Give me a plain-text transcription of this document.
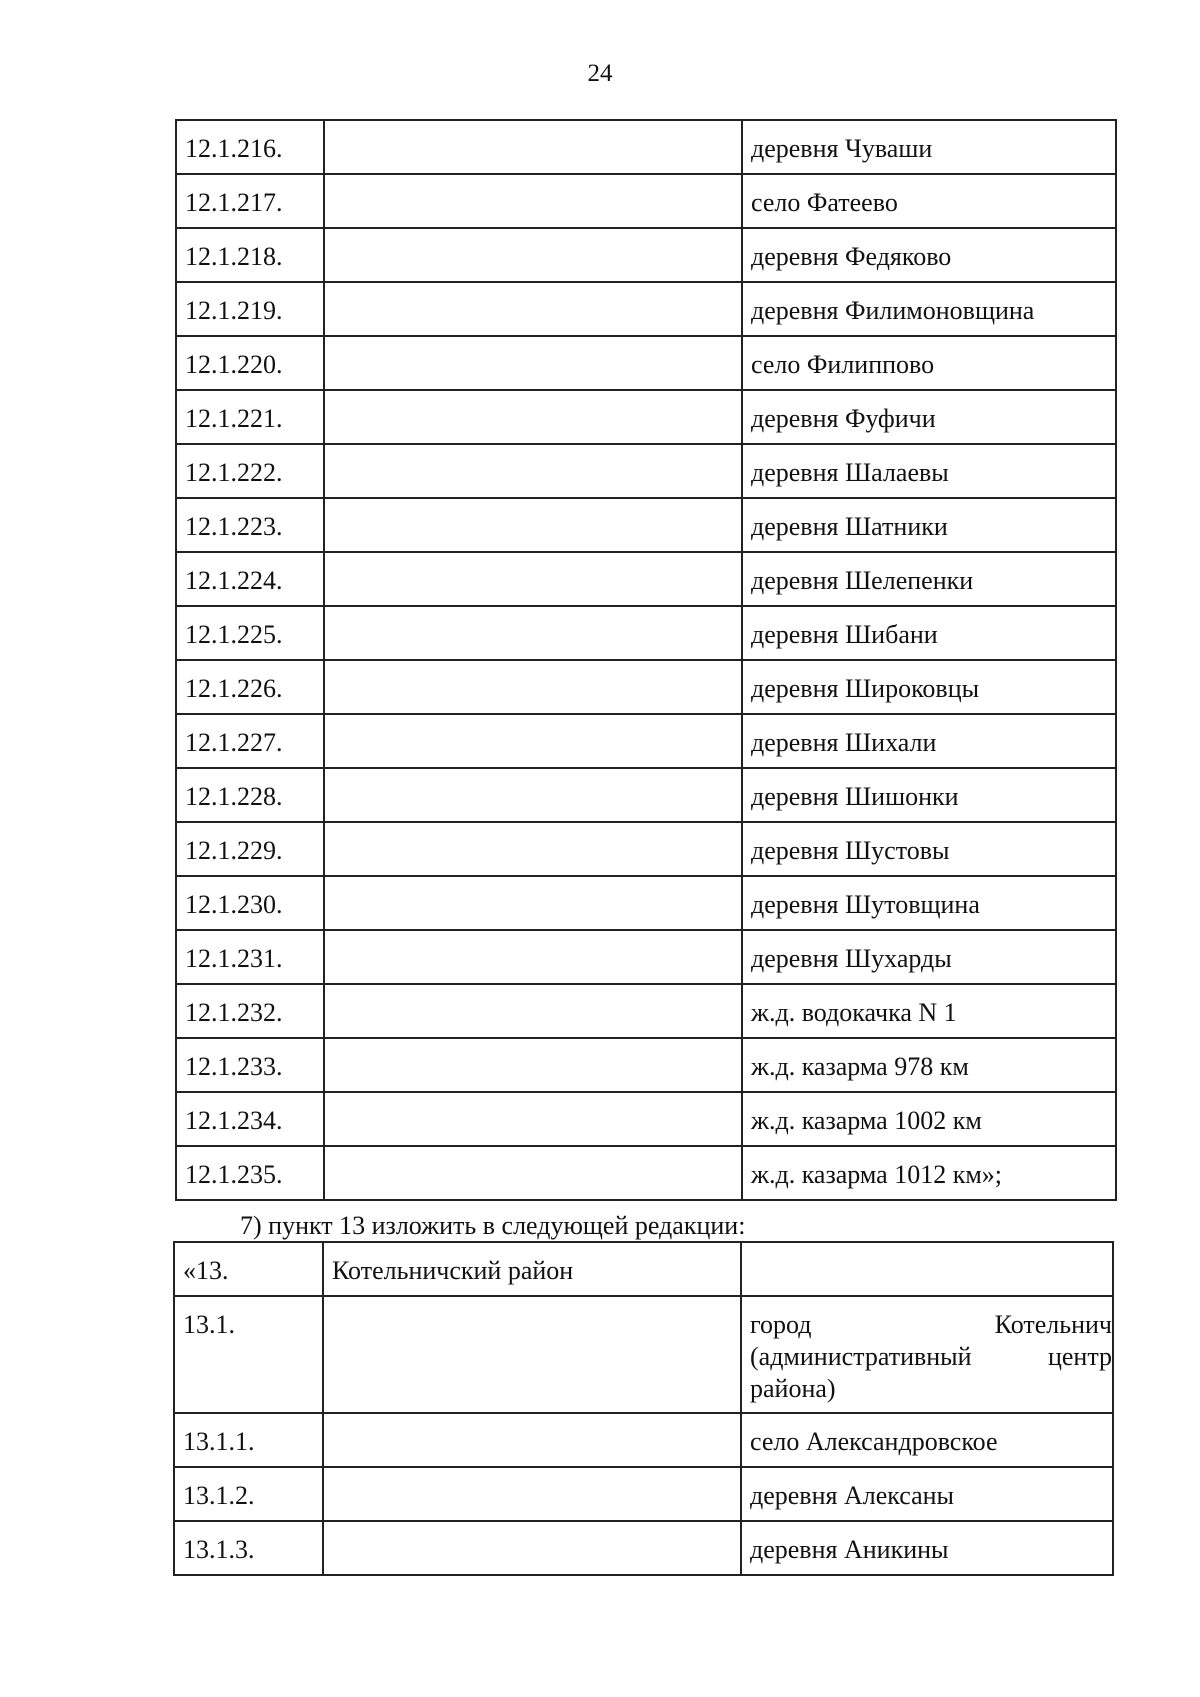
24
12.1.216.		деревня Чуваши
12.1.217.		село Фатеево
12.1.218.		деревня Федяково
12.1.219.		деревня Филимоновщина
12.1.220.		село Филиппово
12.1.221.		деревня Фуфичи
12.1.222.		деревня Шалаевы
12.1.223.		деревня Шатники
12.1.224.		деревня Шелепенки
12.1.225.		деревня Шибани
12.1.226.		деревня Широковцы
12.1.227.		деревня Шихали
12.1.228.		деревня Шишонки
12.1.229.		деревня Шустовы
12.1.230.		деревня Шутовщина
12.1.231.		деревня Шухарды
12.1.232.		ж.д. водокачка N 1
12.1.233.		ж.д. казарма 978 км
12.1.234.		ж.д. казарма 1002 км
12.1.235.		ж.д. казарма 1012 км»;
7) пункт 13 изложить в следующей редакции:
«13.	Котельничский район	
13.1.		город Котельнич (административный центр района)
13.1.1.		село Александровское
13.1.2.		деревня Алексаны
13.1.3.		деревня Аникины
